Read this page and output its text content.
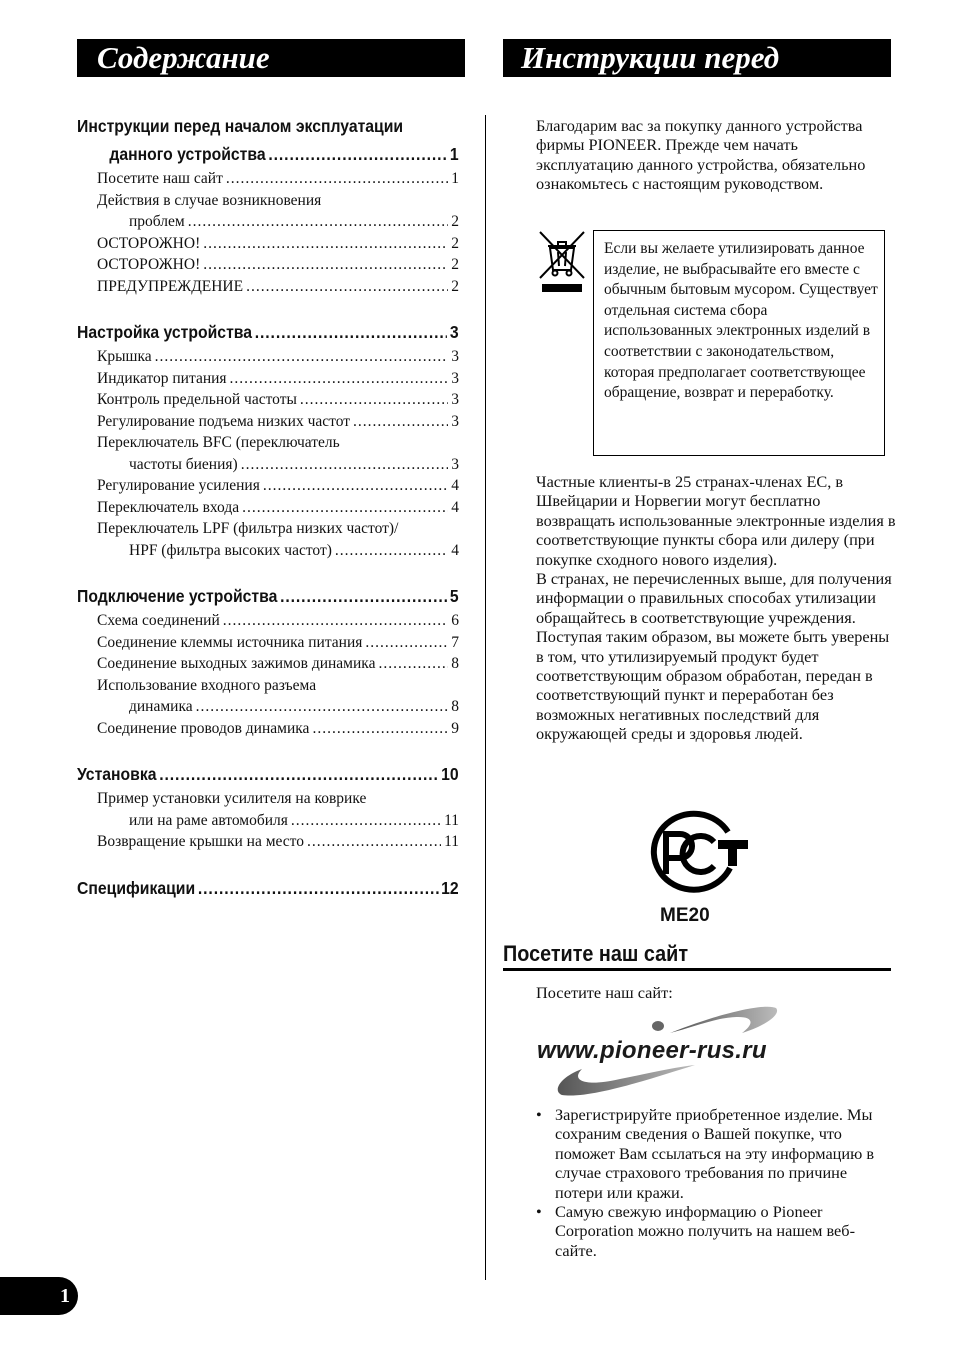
Содержание	Инструкции перед началом
Инструкции перед началом эксплуатации
данного устройства .....	1
Посетите наш сайт .....	1
Действия в случае возникновения
проблем .....	2
ОСТОРОЖНО! .....	2
ОСТОРОЖНО! .....	2
ПРЕДУПРЕЖДЕНИЕ .....	2
Настройка устройства .....	3
Крышка .....	3
Индикатор питания .....	3
Контроль предельной частоты .....	3
Регулирование подъема низких частот .....	3
Переключатель BFC (переключатель
частоты биения) .....	3
Регулирование усиления .....	4
Переключатель входа .....	4
Переключатель LPF (фильтра низких частот)/
HPF (фильтра высоких частот) .....	4
Подключение устройства .....	5
Схема соединений .....	6
Соединение клеммы источника питания .....	7
Соединение выходных зажимов динамика .....	8
Использование входного разъема
динамика .....	8
Соединение проводов динамика .....	9
Установка .....	10
Пример установки усилителя на коврике
или на раме автомобиля .....	11
Возвращение крышки на место .....	11
Спецификации .....	12
Благодарим вас за покупку данного устройства фирмы PIONEER. Прежде чем начать эксплуатацию данного устройства, обязательно ознакомьтесь с настоящим руководством.
Если вы желаете утилизировать данное изделие, не выбрасывайте его вместе с обычным бытовым мусором. Существует отдельная система сбора использованных электронных изделий в соответствии с законодательством, которая предполагает соответствующее обращение, возврат и переработку.
Частные клиенты-в 25 странах-членах ЕС, в Швейцарии и Норвегии могут бесплатно возвращать использованные электронные изделия в соответствующие пункты сбора или дилеру (при покупке сходного нового изделия).
В странах, не перечисленных выше, для получения информации о правильных способах утилизации обращайтесь в соответствующие учреждения.
Поступая таким образом, вы можете быть уверены в том, что утилизируемый продукт будет соответствующим образом обработан, передан в соответствующий пункт и переработан без возможных негативных последствий для окружающей среды и здоровья людей.
ME20
Посетите наш сайт
Посетите наш сайт:
www.pioneer-rus.ru
• Зарегистрируйте приобретенное изделие. Мы сохраним сведения о Вашей покупке, что поможет Вам ссылаться на эту информацию в случае страхового требования по причине потери или кражи.
• Самую свежую информацию о Pioneer Corporation можно получить на нашем веб-сайте.
1
